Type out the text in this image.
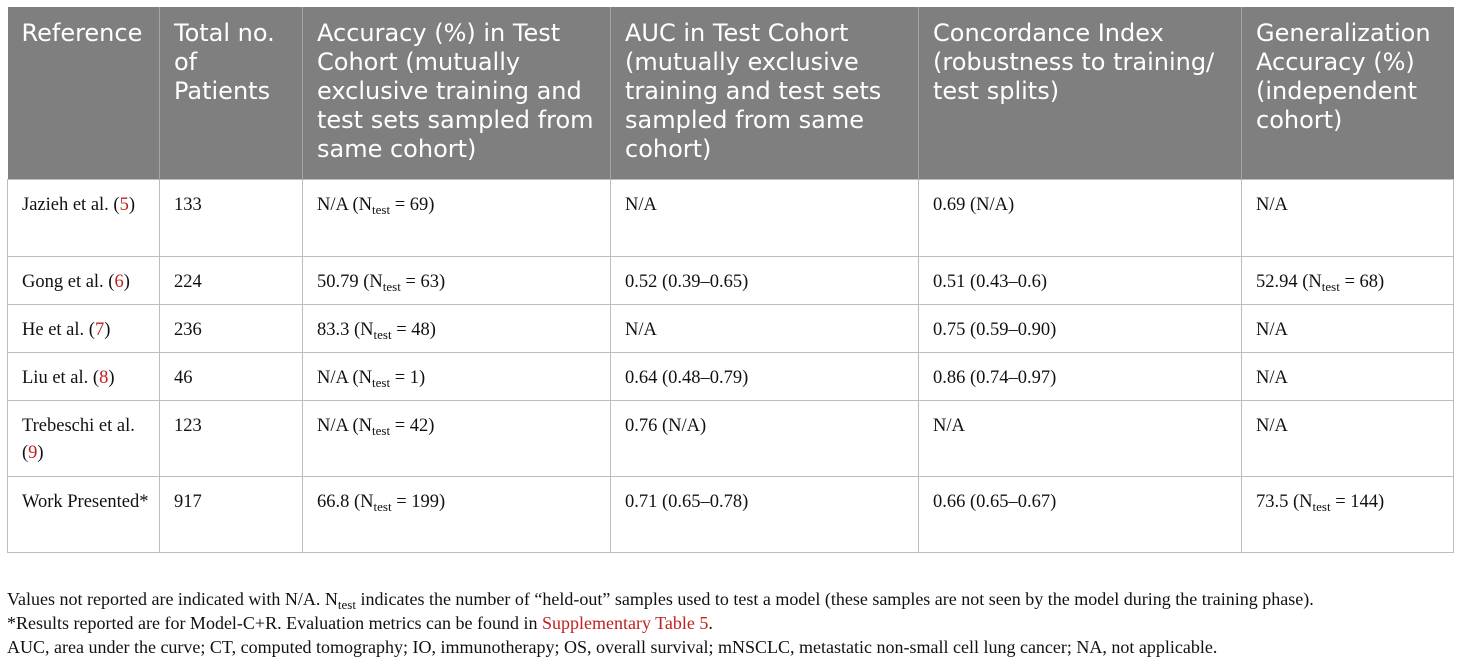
Reference	Total no. of Patients	Accuracy (%) in Test Cohort (mutually exclusive training and test sets sampled from same cohort)	AUC in Test Cohort (mutually exclusive training and test sets sampled from same cohort)	Concordance Index (robustness to training/ test splits)	Generalization Accuracy (%) (independent cohort)
Jazieh et al. (5)	133	N/A $(N_{test} = 69)$	N/A	0.69 (N/A)	N/A
Gong et al. (6)	224	50.79 $(N_{test} = 63)$	0.52 (0.39–0.65)	0.51 (0.43–0.6)	52.94 $(N_{test} = 68)$
He et al. (7)	236	83.3 $(N_{test} = 48)$	N/A	0.75 (0.59–0.90)	N/A
Liu et al. (8)	46	N/A $(N_{test} = 1)$	0.64 (0.48–0.79)	0.86 (0.74–0.97)	N/A
Trebeschi et al. (9)	123	N/A $(N_{test} = 42)$	0.76 (N/A)	N/A	N/A
Work Presented*	917	66.8 $(N_{test} = 199)$	0.71 (0.65–0.78)	0.66 (0.65–0.67)	73.5 $(N_{test} = 144)$

Values not reported are indicated with N/A. $N_{test}$ indicates the number of “held-out” samples used to test a model (these samples are not seen by the model during the training phase).

*Results reported are for Model-C+R. Evaluation metrics can be found in Supplementary Table 5.

AUC, area under the curve; CT, computed tomography; IO, immunotherapy; OS, overall survival; mNSCLC, metastatic non-small cell lung cancer; NA, not applicable.
